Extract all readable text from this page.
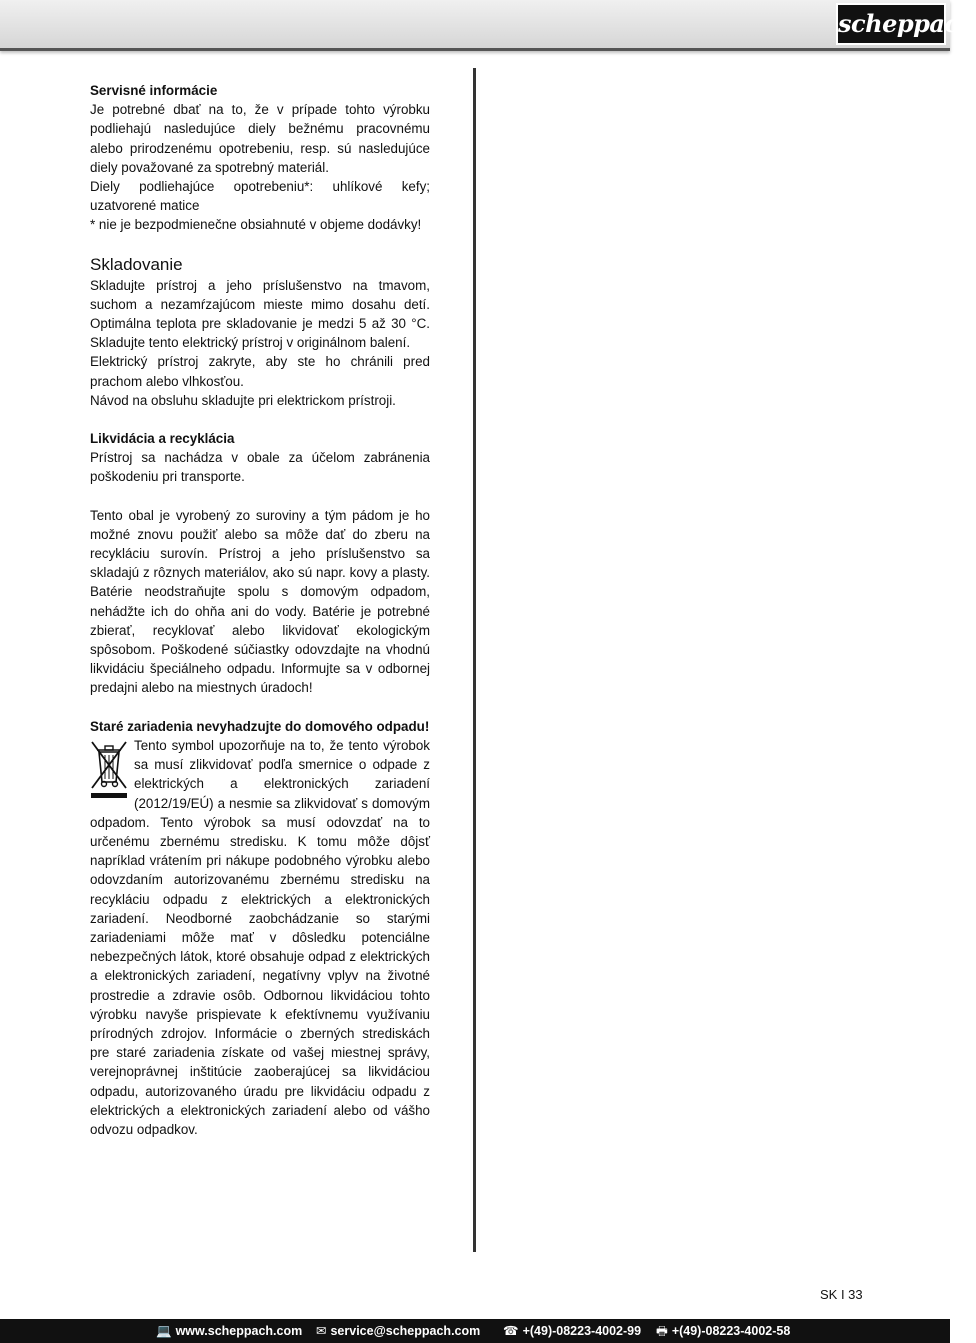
scheppach

Servisné informácie

Je potrebné dbať na to, že v prípade tohto výrobku podliehajú nasledujúce diely bežnému pracovnému alebo prirodzenému opotrebeniu, resp. sú nasledujúce diely považované za spotrebný materiál.

Diely podliehajúce opotrebeniu*: uhlíkové kefy; uzatvorené matice

* nie je bezpodmienečne obsiahnuté v objeme dodávky!

Skladovanie

Skladujte prístroj a jeho príslušenstvo na tmavom, suchom a nezamŕzajúcom mieste mimo dosahu detí. Optimálna teplota pre skladovanie je medzi 5 až 30 °C. Skladujte tento elektrický prístroj v originálnom balení.

Elektrický prístroj zakryte, aby ste ho chránili pred prachom alebo vlhkosťou.

Návod na obsluhu skladujte pri elektrickom prístroji.

Likvidácia a recyklácia

Prístroj sa nachádza v obale za účelom zabránenia poškodeniu pri transporte.

Tento obal je vyrobený zo suroviny a tým pádom je ho možné znovu použiť alebo sa môže dať do zberu na recykláciu surovín. Prístroj a jeho príslušenstvo sa skladajú z rôznych materiálov, ako sú napr. kovy a plasty. Batérie neodstraňujte spolu s domovým odpadom, nehádžte ich do ohňa ani do vody. Batérie je potrebné zbierať, recyklovať alebo likvidovať ekologickým spôsobom. Poškodené súčiastky odovzdajte na vhodnú likvidáciu špeciálneho odpadu. Informujte sa v odbornej predajni alebo na miestnych úradoch!

Staré zariadenia nevyhadzujte do domového odpadu!

Tento symbol upozorňuje na to, že tento výrobok sa musí zlikvidovať podľa smernice o odpade z elektrických a elektronických zariadení (2012/19/EÚ) a nesmie sa zlikvidovať s domovým odpadom. Tento výrobok sa musí odovzdať na to určenému zbernému stredisku. K tomu môže dôjsť napríklad vrátením pri nákupe podobného výrobku alebo odovzdaním autorizovanému zbernému stredisku na recykláciu odpadu z elektrických a elektronických zariadení. Neodborné zaobchádzanie so starými zariadeniami môže mať v dôsledku potenciálne nebezpečných látok, ktoré obsahuje odpad z elektrických a elektronických zariadení, negatívny vplyv na životné prostredie a zdravie osôb. Odbornou likvidáciou tohto výrobku navyše prispievate k efektívnemu využívaniu prírodných zdrojov. Informácie o zberných strediskách pre staré zariadenia získate od vašej miestnej správy, verejnoprávnej inštitúcie zaoberajúcej sa likvidáciou odpadu, autorizovaného úradu pre likvidáciu odpadu z elektrických a elektronických zariadení alebo od vášho odvozu odpadkov.

SK I 33
💻 www.scheppach.com ✉ service@scheppach.com ☎ +(49)-08223-4002-99 🖶 +(49)-08223-4002-58
